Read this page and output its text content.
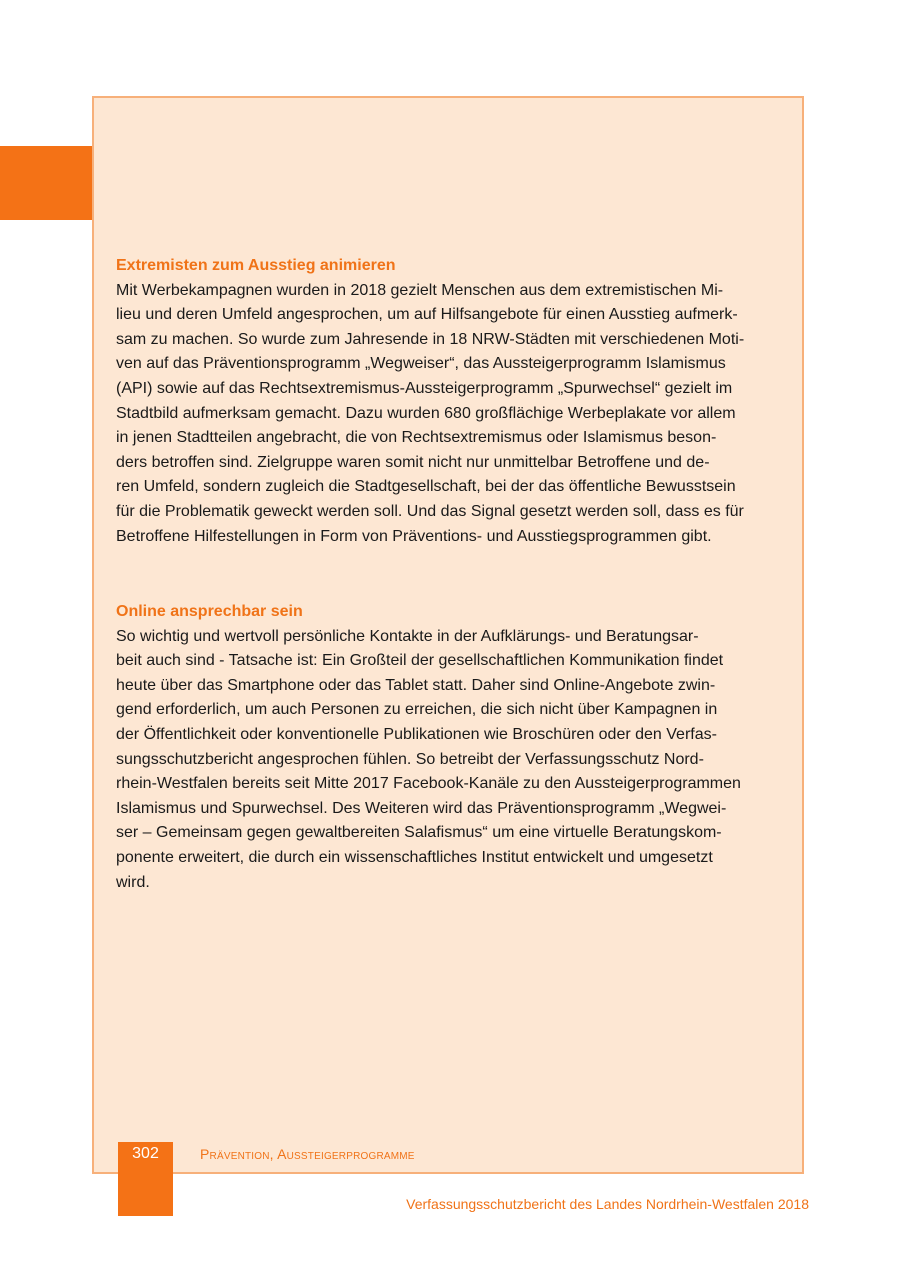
Extremisten zum Ausstieg animieren
Mit Werbekampagnen wurden in 2018 gezielt Menschen aus dem extremistischen Mi-
lieu und deren Umfeld angesprochen, um auf Hilfsangebote für einen Ausstieg aufmerk-
sam zu machen. So wurde zum Jahresende in 18 NRW-Städten mit verschiedenen Moti-
ven auf das Präventionsprogramm „Wegweiser“, das Aussteigerprogramm Islamismus
(API) sowie auf das Rechtsextremismus-Aussteigerprogramm „Spurwechsel“ gezielt im
Stadtbild aufmerksam gemacht. Dazu wurden 680 großflächige Werbeplakate vor allem
in jenen Stadtteilen angebracht, die von Rechtsextremismus oder Islamismus beson-
ders betroffen sind. Zielgruppe waren somit nicht nur unmittelbar Betroffene und de-
ren Umfeld, sondern zugleich die Stadtgesellschaft, bei der das öffentliche Bewusstsein
für die Problematik geweckt werden soll. Und das Signal gesetzt werden soll, dass es für
Betroffene Hilfestellungen in Form von Präventions- und Ausstiegsprogrammen gibt.
Online ansprechbar sein
So wichtig und wertvoll persönliche Kontakte in der Aufklärungs- und Beratungsar-
beit auch sind - Tatsache ist: Ein Großteil der gesellschaftlichen Kommunikation findet
heute über das Smartphone oder das Tablet statt. Daher sind Online-Angebote zwin-
gend erforderlich, um auch Personen zu erreichen, die sich nicht über Kampagnen in
der Öffentlichkeit oder konventionelle Publikationen wie Broschüren oder den Verfas-
sungsschutzbericht angesprochen fühlen. So betreibt der Verfassungsschutz Nord-
rhein-Westfalen bereits seit Mitte 2017 Facebook-Kanäle zu den Aussteigerprogrammen
Islamismus und Spurwechsel. Des Weiteren wird das Präventionsprogramm „Wegwei-
ser – Gemeinsam gegen gewaltbereiten Salafismus“ um eine virtuelle Beratungskom-
ponente erweitert, die durch ein wissenschaftliches Institut entwickelt und umgesetzt
wird.
302	Prävention, Aussteigerprogramme
Verfassungsschutzbericht des Landes Nordrhein-Westfalen 2018
